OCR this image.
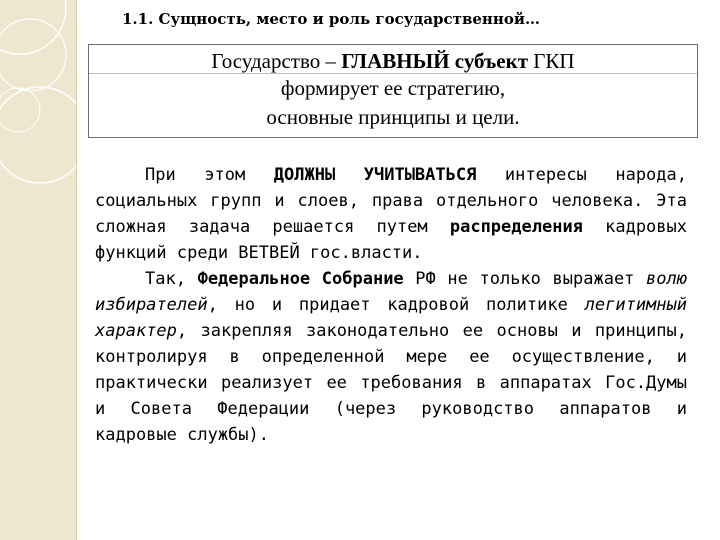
1.1. Сущность, место и роль государственной…
Государство – ГЛАВНЫЙ субъект ГКП
формирует ее стратегию,
основные принципы и цели.

При этом ДОЛЖНЫ УЧИТЫВАТЬСЯ интересы народа, социальных групп и слоев, права отдельного человека. Эта сложная задача решается путем распределения кадровых функций среди ВЕТВЕЙ гос.власти.

Так, Федеральное Собрание РФ не только выражает волю избирателей, но и придает кадровой политике легитимный характер, закрепляя законодательно ее основы и принципы, контролируя в определенной мере ее осуществление, и практически реализует ее требования в аппаратах Гос.Думы и Совета Федерации (через руководство аппаратов и кадровые службы).
